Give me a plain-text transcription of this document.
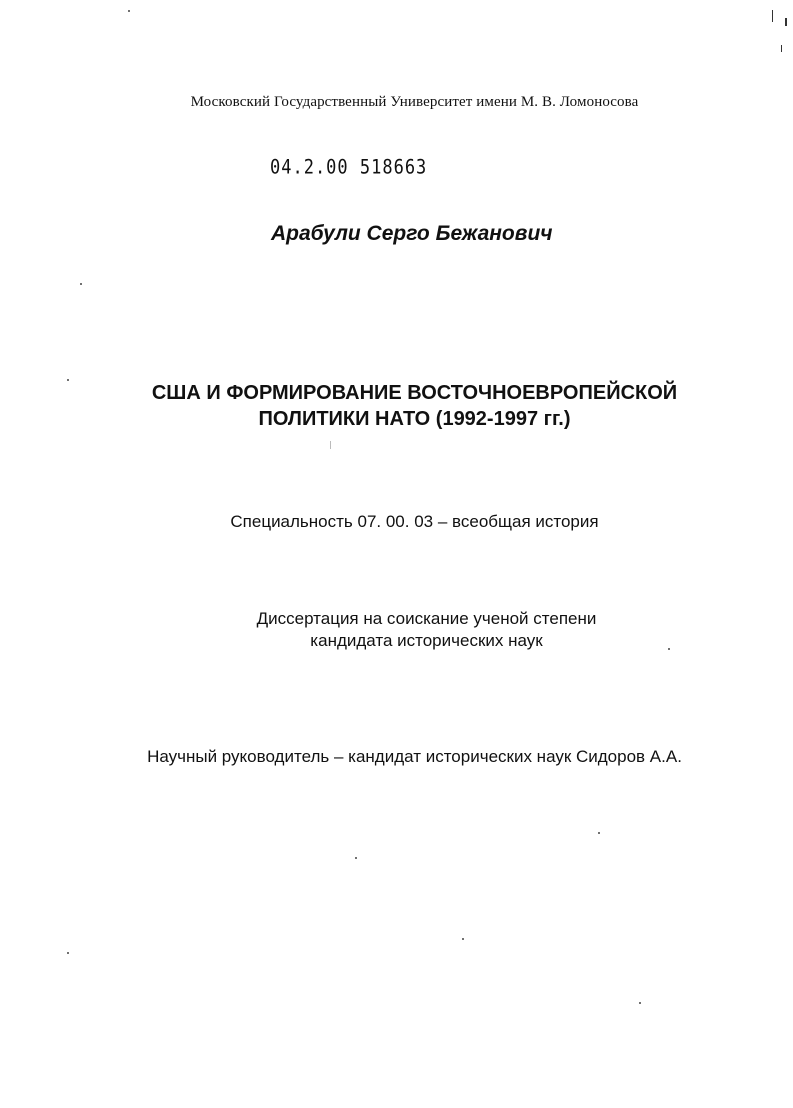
Московский Государственный Университет имени М. В. Ломоносова
04.2.00 518663
Арабули Серго Бежанович
США И ФОРМИРОВАНИЕ ВОСТОЧНОЕВРОПЕЙСКОЙ
ПОЛИТИКИ НАТО (1992-1997 гг.)
Специальность 07. 00. 03 – всеобщая история
Диссертация на соискание ученой степени
кандидата исторических наук
Научный руководитель – кандидат исторических наук Сидоров А.А.
